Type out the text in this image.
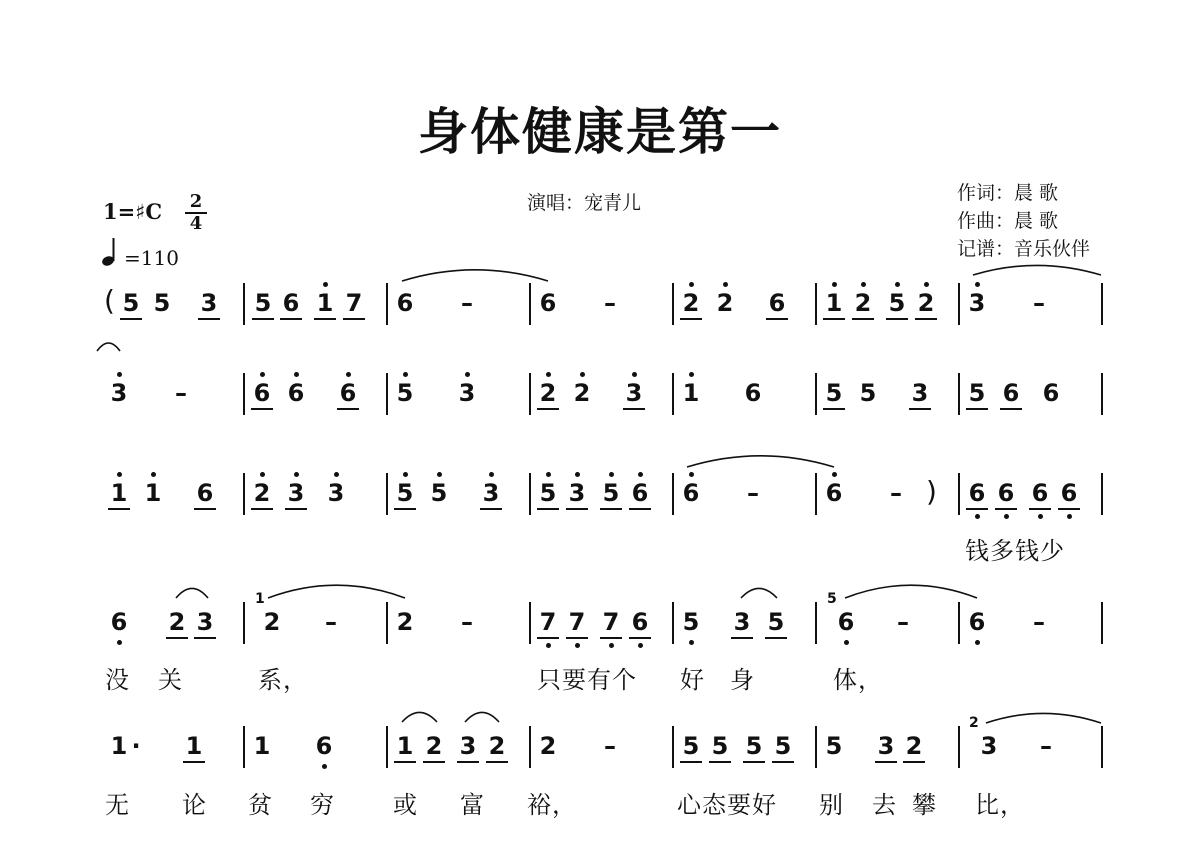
身体健康是第一
演唱：宠青儿	作词：晨 歌
作曲：晨 歌
记谱：音乐伙伴
1=♯C 2
4
=110
5 5 3 5 6 1 7 6 –	6 –	2 2 6 1 2 5 2 3 –
3 –	6 6 6 5 3	2 2 3 1 6	5 5 3 5 6 6
1 1 6 2 3 3 5 5 3 5 3 5 6 6 –	6 –	6 6 6 6
6 2 3 2 – 2 –	7 7 7 6 5 3 5 6 – 6 –
1 ·	1 1 6	1 2 3 2 2 –	5 5 5 5 5 3 2 3 –
(
)
1	5
2
钱多钱少
没 关	系，	只要有个 好 身	体，
无 论 贫 穷 或 富 裕，	心态要好 别 去 攀 比，
